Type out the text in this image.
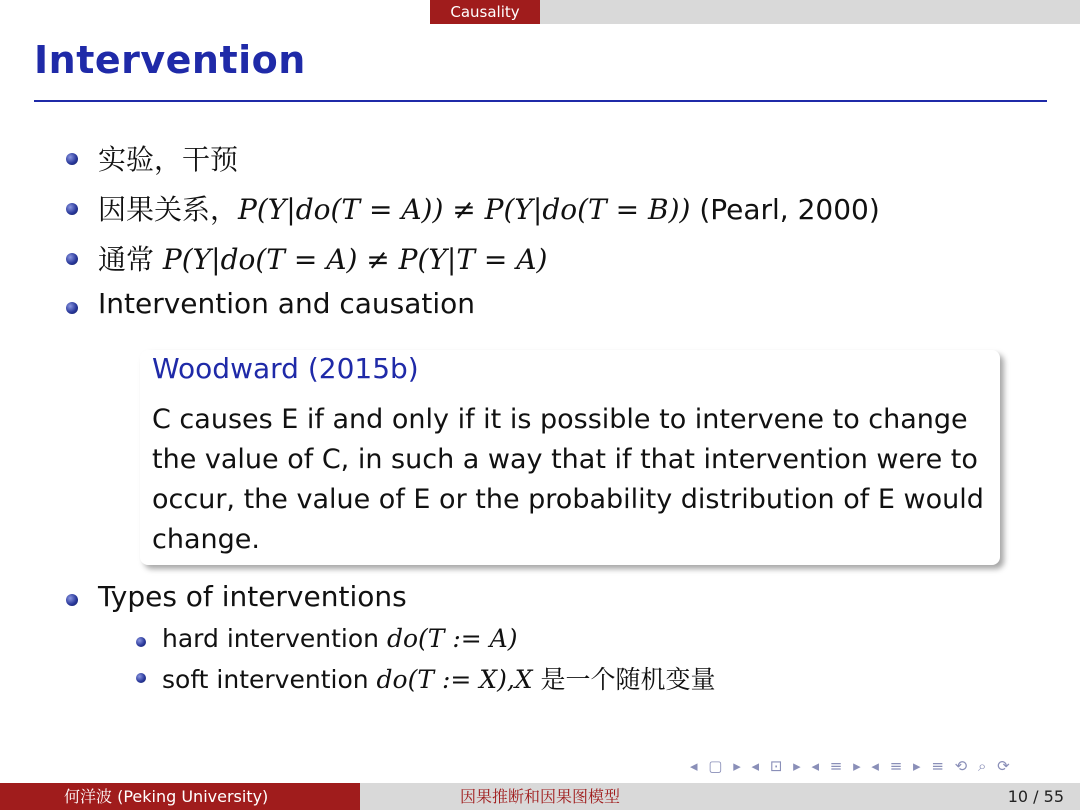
Causality
Intervention
实验，干预
因果关系，P(Y|do(T = A)) ≠ P(Y|do(T = B)) (Pearl, 2000)
通常 P(Y|do(T = A) ≠ P(Y|T = A)
Intervention and causation
Woodward (2015b)
C causes E if and only if it is possible to intervene to change the value of C, in such a way that if that intervention were to occur, the value of E or the probability distribution of E would change.
Types of interventions
hard intervention do(T := A)
soft intervention do(T := X),X 是一个随机变量
◂ ▢ ▸ ◂ ⊡ ▸ ◂ ≡ ▸ ◂ ≡ ▸ ≡ ⟲ ⌕ ⟳
何洋波 (Peking University)	因果推断和因果图模型	10 / 55
